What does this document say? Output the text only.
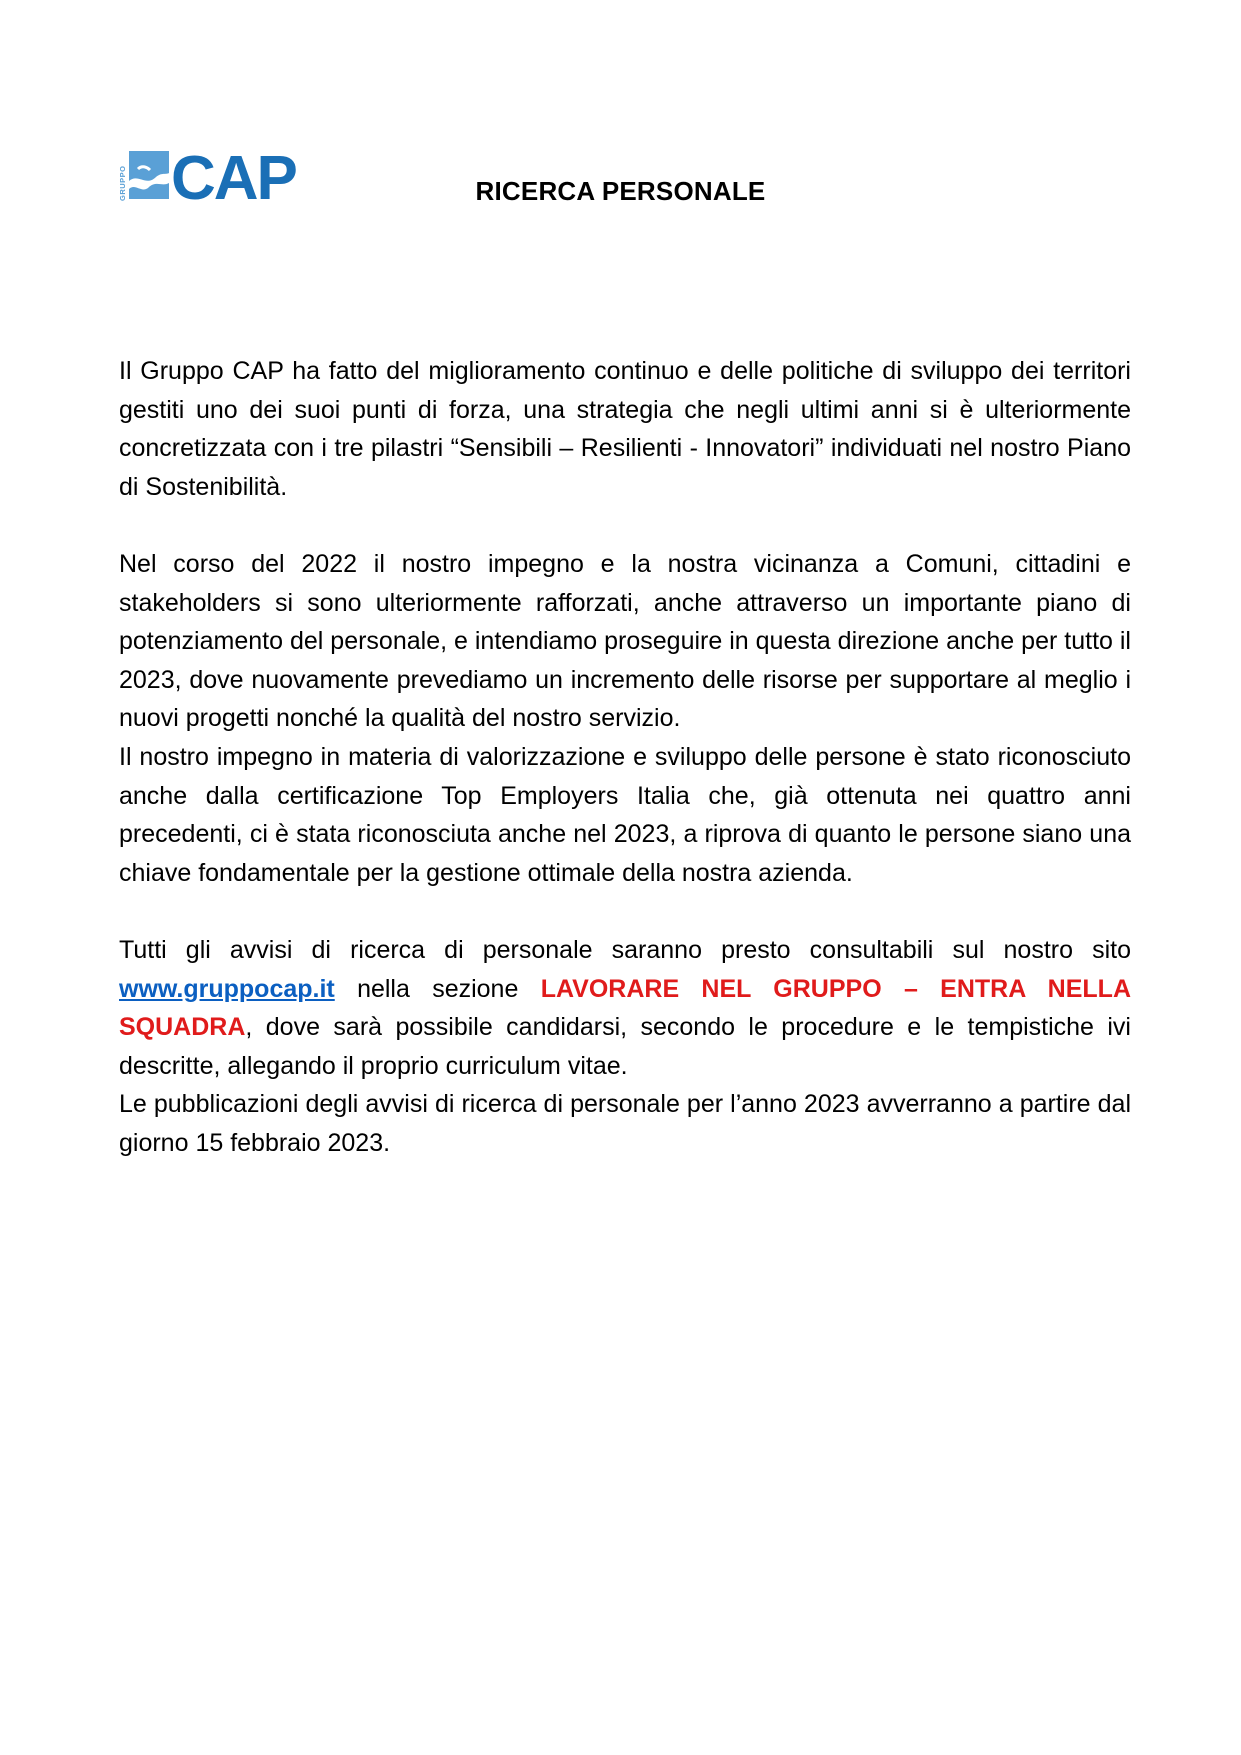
GRUPPO CAP	RICERCA PERSONALE

Il Gruppo CAP ha fatto del miglioramento continuo e delle politiche di sviluppo dei territori gestiti uno dei suoi punti di forza, una strategia che negli ultimi anni si è ulteriormente concretizzata con i tre pilastri “Sensibili – Resilienti - Innovatori” individuati nel nostro Piano di Sostenibilità.

Nel corso del 2022 il nostro impegno e la nostra vicinanza a Comuni, cittadini e stakeholders si sono ulteriormente rafforzati, anche attraverso un importante piano di potenziamento del personale, e intendiamo proseguire in questa direzione anche per tutto il 2023, dove nuovamente prevediamo un incremento delle risorse per supportare al meglio i nuovi progetti nonché la qualità del nostro servizio.

Il nostro impegno in materia di valorizzazione e sviluppo delle persone è stato riconosciuto anche dalla certificazione Top Employers Italia che, già ottenuta nei quattro anni precedenti, ci è stata riconosciuta anche nel 2023, a riprova di quanto le persone siano una chiave fondamentale per la gestione ottimale della nostra azienda.

Tutti gli avvisi di ricerca di personale saranno presto consultabili sul nostro sito www.gruppocap.it nella sezione LAVORARE NEL GRUPPO – ENTRA NELLA SQUADRA, dove sarà possibile candidarsi, secondo le procedure e le tempistiche ivi descritte, allegando il proprio curriculum vitae.

Le pubblicazioni degli avvisi di ricerca di personale per l’anno 2023 avverranno a partire dal giorno 15 febbraio 2023.
